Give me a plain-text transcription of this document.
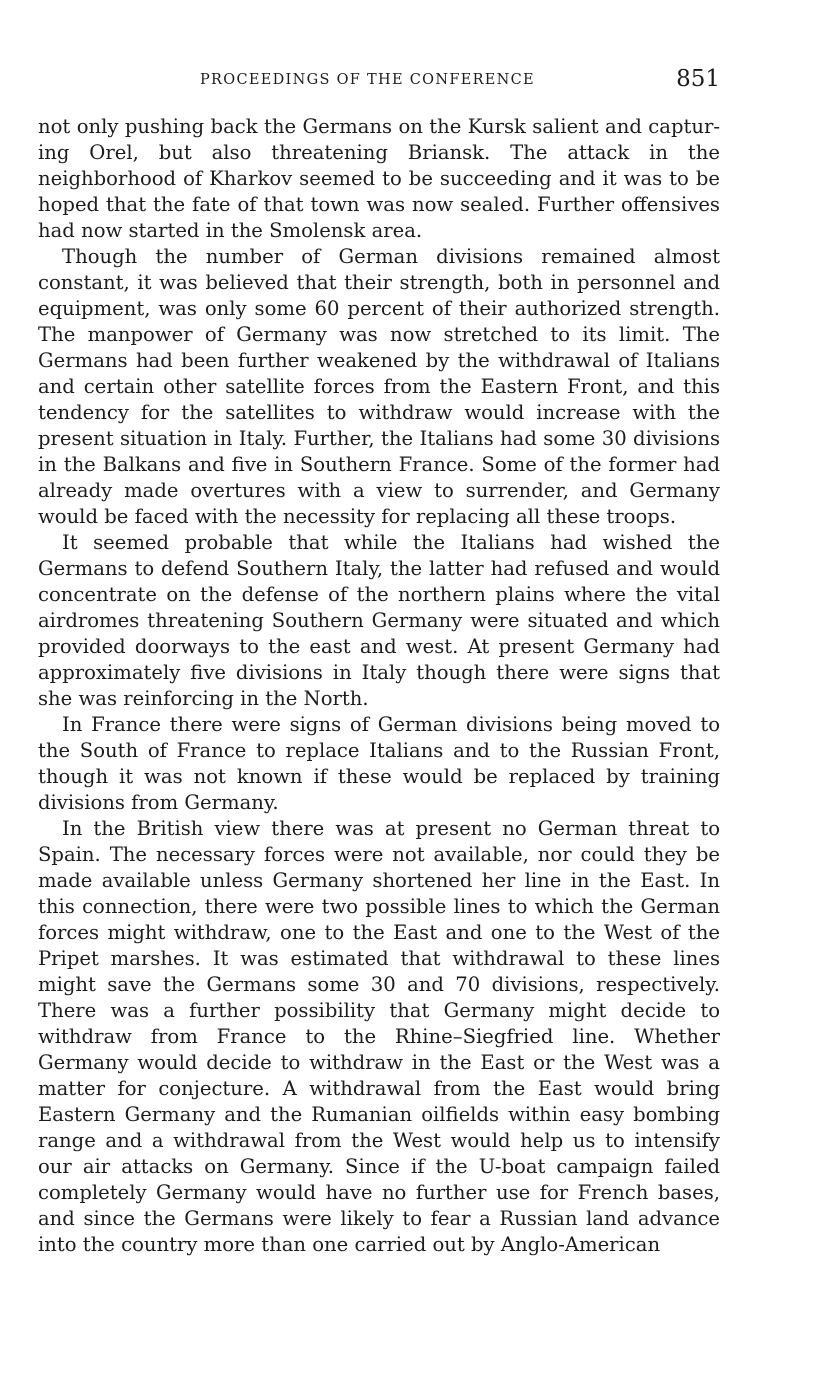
PROCEEDINGS OF THE CONFERENCE	851

not only pushing back the Germans on the Kursk salient and capturing Orel, but also threatening Briansk. The attack in the neighborhood of Kharkov seemed to be succeeding and it was to be hoped that the fate of that town was now sealed. Further offensives had now started in the Smolensk area.

Though the number of German divisions remained almost constant, it was believed that their strength, both in personnel and equipment, was only some 60 percent of their authorized strength. The manpower of Germany was now stretched to its limit. The Germans had been further weakened by the withdrawal of Italians and certain other satellite forces from the Eastern Front, and this tendency for the satellites to withdraw would increase with the present situation in Italy. Further, the Italians had some 30 divisions in the Balkans and five in Southern France. Some of the former had already made overtures with a view to surrender, and Germany would be faced with the necessity for replacing all these troops.

It seemed probable that while the Italians had wished the Germans to defend Southern Italy, the latter had refused and would concentrate on the defense of the northern plains where the vital airdromes threatening Southern Germany were situated and which provided doorways to the east and west. At present Germany had approximately five divisions in Italy though there were signs that she was reinforcing in the North.

In France there were signs of German divisions being moved to the South of France to replace Italians and to the Russian Front, though it was not known if these would be replaced by training divisions from Germany.

In the British view there was at present no German threat to Spain. The necessary forces were not available, nor could they be made available unless Germany shortened her line in the East. In this connection, there were two possible lines to which the German forces might withdraw, one to the East and one to the West of the Pripet marshes. It was estimated that withdrawal to these lines might save the Germans some 30 and 70 divisions, respectively. There was a further possibility that Germany might decide to withdraw from France to the Rhine–Siegfried line. Whether Germany would decide to withdraw in the East or the West was a matter for conjecture. A withdrawal from the East would bring Eastern Germany and the Rumanian oilfields within easy bombing range and a withdrawal from the West would help us to intensify our air attacks on Germany. Since if the U-boat campaign failed completely Germany would have no further use for French bases, and since the Germans were likely to fear a Russian land advance into the country more than one carried out by Anglo-American
